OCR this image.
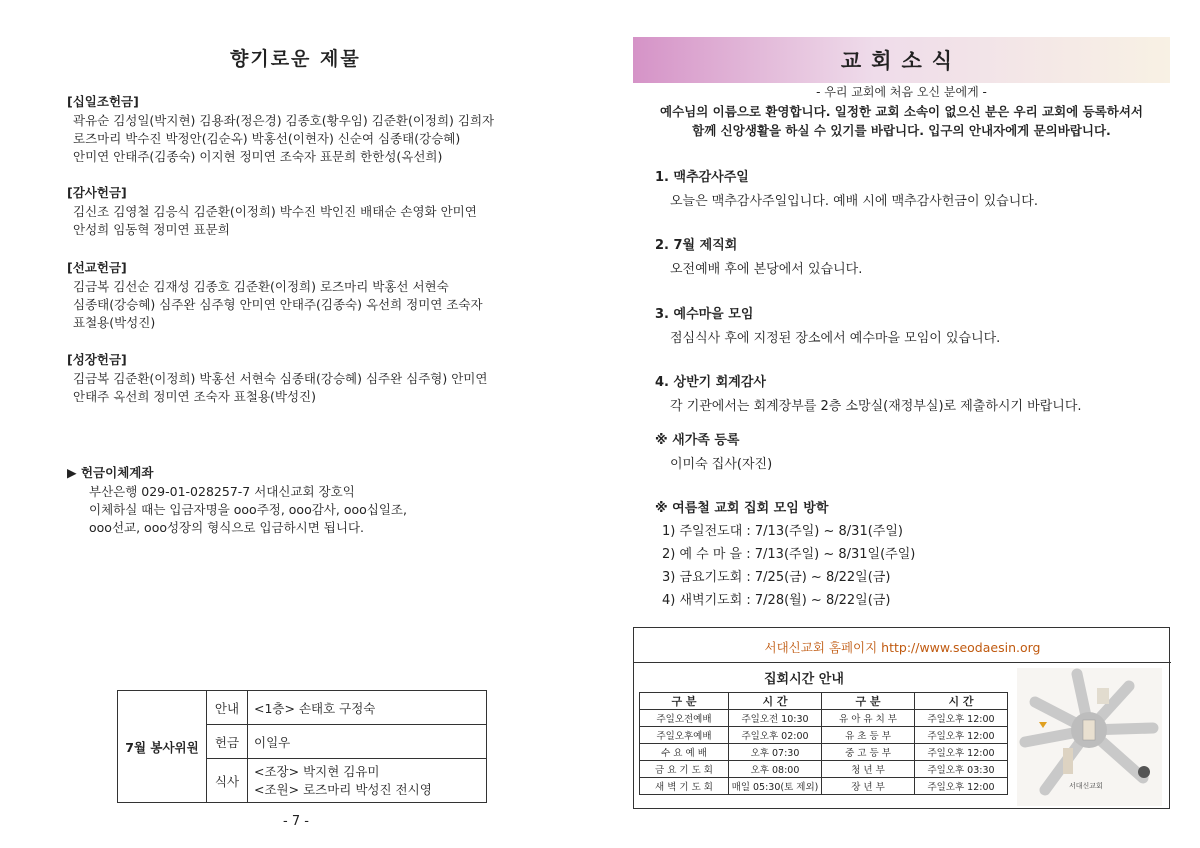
향기로운 제물
[십일조헌금]
곽유순 김성일(박지현) 김용좌(정은경) 김종호(황우임) 김준환(이정희) 김희자
로즈마리 박수진 박정안(김순옥) 박홍선(이현자) 신순여 심종태(강승혜)
안미연 안태주(김종숙) 이지현 정미연 조숙자 표문희 한한성(옥선희)
[감사헌금]
김신조 김영철 김응식 김준환(이정희) 박수진 박인진 배태순 손영화 안미연
안성희 임동혁 정미연 표문희
[선교헌금]
김금복 김선순 김재성 김종호 김준환(이정희) 로즈마리 박홍선 서현숙
심종태(강승혜) 심주완 심주형 안미연 안태주(김종숙) 옥선희 정미연 조숙자
표철용(박성진)
[성장헌금]
김금복 김준환(이정희) 박홍선 서현숙 심종태(강승혜) 심주완 심주형) 안미연
안태주 옥선희 정미연 조숙자 표철용(박성진)
▶ 헌금이체계좌
부산은행 029-01-028257-7 서대신교회 장호익
이체하실 때는 입금자명을 ooo주정, ooo감사, ooo십일조,
ooo선교, ooo성장의 형식으로 입금하시면 됩니다.
7월 봉사위원	안내	<1층> 손태호 구정숙
	헌금	이일우
	식사	<조장> 박지현 김유미
<조원> 로즈마리 박성진 전시영
- 7 -
교회소식
- 우리 교회에 처음 오신 분에게 -
예수님의 이름으로 환영합니다. 일정한 교회 소속이 없으신 분은 우리 교회에 등록하셔서
함께 신앙생활을 하실 수 있기를 바랍니다. 입구의 안내자에게 문의바랍니다.
1. 맥추감사주일
오늘은 맥추감사주일입니다. 예배 시에 맥추감사헌금이 있습니다.
2. 7월 제직회
오전예배 후에 본당에서 있습니다.
3. 예수마을 모임
점심식사 후에 지정된 장소에서 예수마을 모임이 있습니다.
4. 상반기 회계감사
각 기관에서는 회계장부를 2층 소망실(재정부실)로 제출하시기 바랍니다.
※ 새가족 등록
이미숙 집사(자진)
※ 여름철 교회 집회 모임 방학
1) 주일전도대 : 7/13(주일) ~ 8/31(주일)
2) 예 수 마 을 : 7/13(주일) ~ 8/31일(주일)
3) 금요기도회 : 7/25(금) ~ 8/22일(금)
4) 새벽기도회 : 7/28(월) ~ 8/22일(금)
서대신교회 홈페이지 http://www.seodaesin.org
집회시간 안내
구 분	시 간	구 분	시 간
주일오전예배	주일오전 10:30	유 아 유 치 부	주일오후 12:00
주일오후예배	주일오후 02:00	유 초 등 부	주일오후 12:00
수 요 예 배	오후 07:30	중 고 등 부	주일오후 12:00
금 요 기 도 회	오후 08:00	청 년 부	주일오후 03:30
새 벽 기 도 회	매일 05:30(토 제외)	장 년 부	주일오후 12:00	서대신교회
